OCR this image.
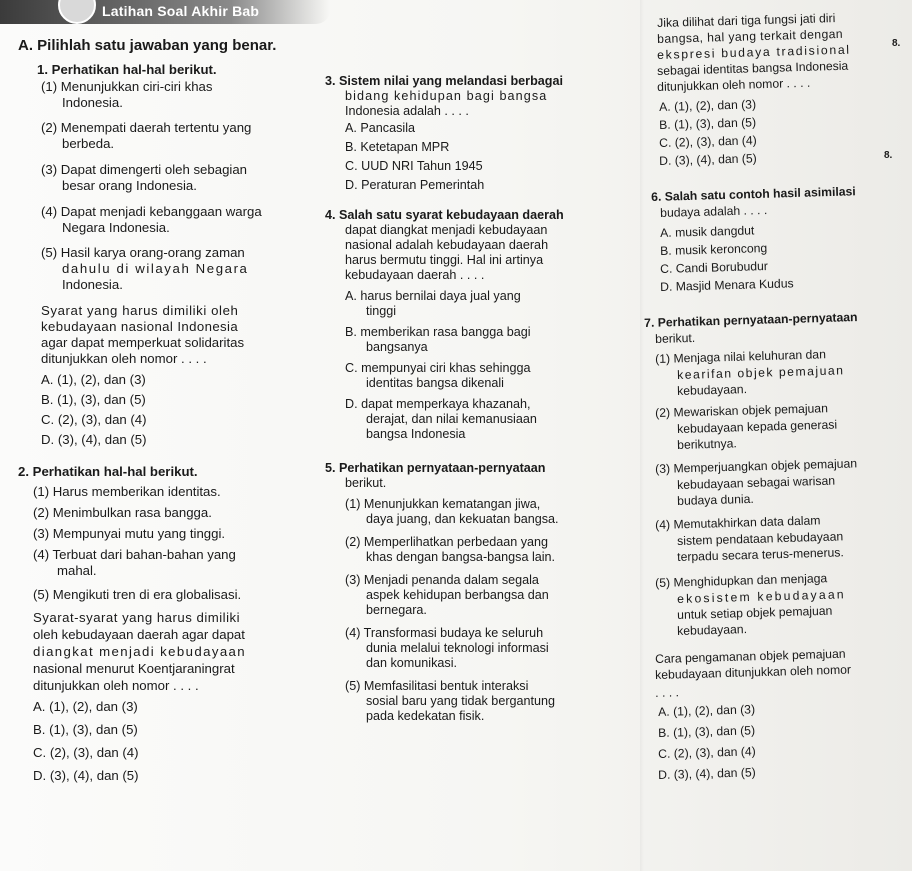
Latihan Soal Akhir Bab
A. Pilihlah satu jawaban yang benar.
1. Perhatikan hal-hal berikut.
(1) Menunjukkan ciri-ciri khas
Indonesia.
(2) Menempati daerah tertentu yang
berbeda.
(3) Dapat dimengerti oleh sebagian
besar orang Indonesia.
(4) Dapat menjadi kebanggaan warga
Negara Indonesia.
(5) Hasil karya orang-orang zaman
dahulu di wilayah Negara
Indonesia.
Syarat yang harus dimiliki oleh
kebudayaan nasional Indonesia
agar dapat memperkuat solidaritas
ditunjukkan oleh nomor . . . .
A. (1), (2), dan (3)
B. (1), (3), dan (5)
C. (2), (3), dan (4)
D. (3), (4), dan (5)
2. Perhatikan hal-hal berikut.
(1) Harus memberikan identitas.
(2) Menimbulkan rasa bangga.
(3) Mempunyai mutu yang tinggi.
(4) Terbuat dari bahan-bahan yang
mahal.
(5) Mengikuti tren di era globalisasi.
Syarat-syarat yang harus dimiliki
oleh kebudayaan daerah agar dapat
diangkat menjadi kebudayaan
nasional menurut Koentjaraningrat
ditunjukkan oleh nomor . . . .
A. (1), (2), dan (3)
B. (1), (3), dan (5)
C. (2), (3), dan (4)
D. (3), (4), dan (5)
3. Sistem nilai yang melandasi berbagai
bidang kehidupan bagi bangsa
Indonesia adalah . . . .
A. Pancasila
B. Ketetapan MPR
C. UUD NRI Tahun 1945
D. Peraturan Pemerintah
4. Salah satu syarat kebudayaan daerah
dapat diangkat menjadi kebudayaan
nasional adalah kebudayaan daerah
harus bermutu tinggi. Hal ini artinya
kebudayaan daerah . . . .
A. harus bernilai daya jual yang
tinggi
B. memberikan rasa bangga bagi
bangsanya
C. mempunyai ciri khas sehingga
identitas bangsa dikenali
D. dapat memperkaya khazanah,
derajat, dan nilai kemanusiaan
bangsa Indonesia
5. Perhatikan pernyataan-pernyataan
berikut.
(1) Menunjukkan kematangan jiwa,
daya juang, dan kekuatan bangsa.
(2) Memperlihatkan perbedaan yang
khas dengan bangsa-bangsa lain.
(3) Menjadi penanda dalam segala
aspek kehidupan berbangsa dan
bernegara.
(4) Transformasi budaya ke seluruh
dunia melalui teknologi informasi
dan komunikasi.
(5) Memfasilitasi bentuk interaksi
sosial baru yang tidak bergantung
pada kedekatan fisik.
Jika dilihat dari tiga fungsi jati diri
bangsa, hal yang terkait dengan
ekspresi budaya tradisional
sebagai identitas bangsa Indonesia
ditunjukkan oleh nomor . . . .
A. (1), (2), dan (3)
B. (1), (3), dan (5)
C. (2), (3), dan (4)
D. (3), (4), dan (5)
6. Salah satu contoh hasil asimilasi
budaya adalah . . . .
A. musik dangdut
B. musik keroncong
C. Candi Borubudur
D. Masjid Menara Kudus
7. Perhatikan pernyataan-pernyataan
berikut.
(1) Menjaga nilai keluhuran dan
kearifan objek pemajuan
kebudayaan.
(2) Mewariskan objek pemajuan
kebudayaan kepada generasi
berikutnya.
(3) Memperjuangkan objek pemajuan
kebudayaan sebagai warisan
budaya dunia.
(4) Memutakhirkan data dalam
sistem pendataan kebudayaan
terpadu secara terus-menerus.
(5) Menghidupkan dan menjaga
ekosistem kebudayaan
untuk setiap objek pemajuan
kebudayaan.
Cara pengamanan objek pemajuan
kebudayaan ditunjukkan oleh nomor
. . . .
A. (1), (2), dan (3)
B. (1), (3), dan (5)
C. (2), (3), dan (4)
D. (3), (4), dan (5)
8.
8.
